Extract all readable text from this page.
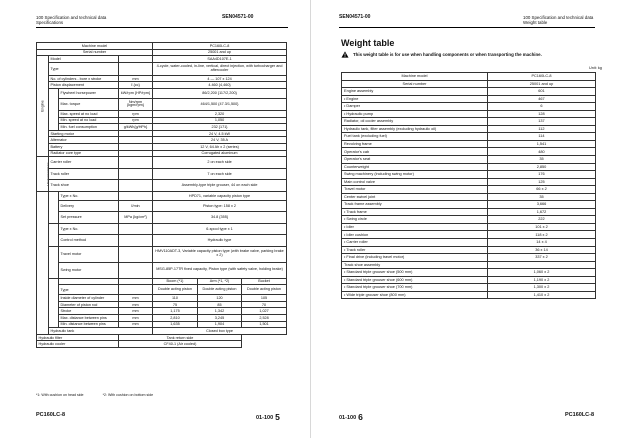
100 Specification and technical data
Specifications
SEN04571-00
Machine model				PC160LC-8		
Serial number				25001 and up		
Engine	Model			SAA4D107E-1		
	Type			4-cycle, water-cooled, in-line, vertical, direct injection, with turbocharger and aftercooler		
	No. of cylinders - bore x stroke		mm	4 — 107 x 124		
	Piston displacement		ℓ {cc}	4.460 {4,460}		
	Flywheel horsepower	kW/rpm {HP/rpm}	86/2,200 {117/2,200}		
		Max. torque	Nm/rpm {kgm/rpm}	464/1,500 {47.3/1,500}		
		Max. speed at no load	rpm	2,320		
		Min. speed at no load	rpm	1,050		
		Min. fuel consumption	g/kWh{g/HPh}	232 {171}		
	Starting motor			24 V, 4.5 kW		
	Alternator			24 V, 35 A		
	Battery			12 V, 64 Ah x 2 (series)		
	Radiator core type			Corrugated aluminum		
	Carrier roller			2 on each side		
	Track roller			7 on each side		
	Track shoe			Assembly-type triple grouser, 44 on each side		
		Type x No.		HPD71, variable capacity piston type		
		Delivery	ℓ/min	Piston type: 158 x 2		
		Set pressure	MPa {kg/cm²}	34.8 {355}		
	Type x No.		6-spool type x 1		
		Control method		Hydraulic type		
	Travel motor		HMV110ADT-3, Variable capacity piston type (with brake valve, parking brake x 2)		
		Swing motor		MSG-85P-17TR fixed capacity, Piston type (with safety valve, holding brake)		
			Boom (*1)	Arm (*1, *2)	Bucket
		Type		Double acting piston	Double acting piston	Double acting piston
		Inside diameter of cylinder	mm	110	120	105
		Diameter of piston rod	mm	75	85	70
		Stroke	mm	1,175	1,342	1,027
		Max. distance between pins	mm	2,810	3,245	2,528
		Min. distance between pins	mm	1,635	1,904	1,501
	Hydraulic tank			Closed box type		
Hydraulic filter			Tank return side			
Hydraulic cooler			CF40-1 (Air cooled)			
*1: With cushion on head side	*2: With cushion on bottom side
PC160LC-8	01-100 5
SEN04571-00	100 Specification and technical data
Weight table
Weight table
This weight table is for use when handling components or when transporting the machine.
Unit: kg
Machine model	PC160LC-8
Serial number	25001 and up
Engine assembly	601
• Engine	467
• Damper	6
• Hydraulic pump	128
Radiator, oil cooler assembly	137
Hydraulic tank, filter assembly (excluding hydraulic oil)	112
Fuel tank (excluding fuel)	114
Revolving frame	1,541
Operator's cab	480
Operator's seat	35
Counterweight	2,850
Swing machinery (including swing motor)	176
Main control valve	125
Travel motor	66 x 2
Center swivel joint	35
Track frame assembly	3,666
• Track frame	1,672
• Swing circle	222
• Idler	101 x 2
• Idler cushion	118 x 2
• Carrier roller	14 x 4
• Track roller	36 x 14
• Final drive (including travel motor)	337 x 2
Track shoe assembly	
• Standard triple grouser shoe (500 mm)	1,060 x 2
• Standard triple grouser shoe (600 mm)	1,190 x 2
• Standard triple grouser shoe (700 mm)	1,300 x 2
• Wide triple grouser shoe (800 mm)	1,410 x 2
01-100 6	PC160LC-8
